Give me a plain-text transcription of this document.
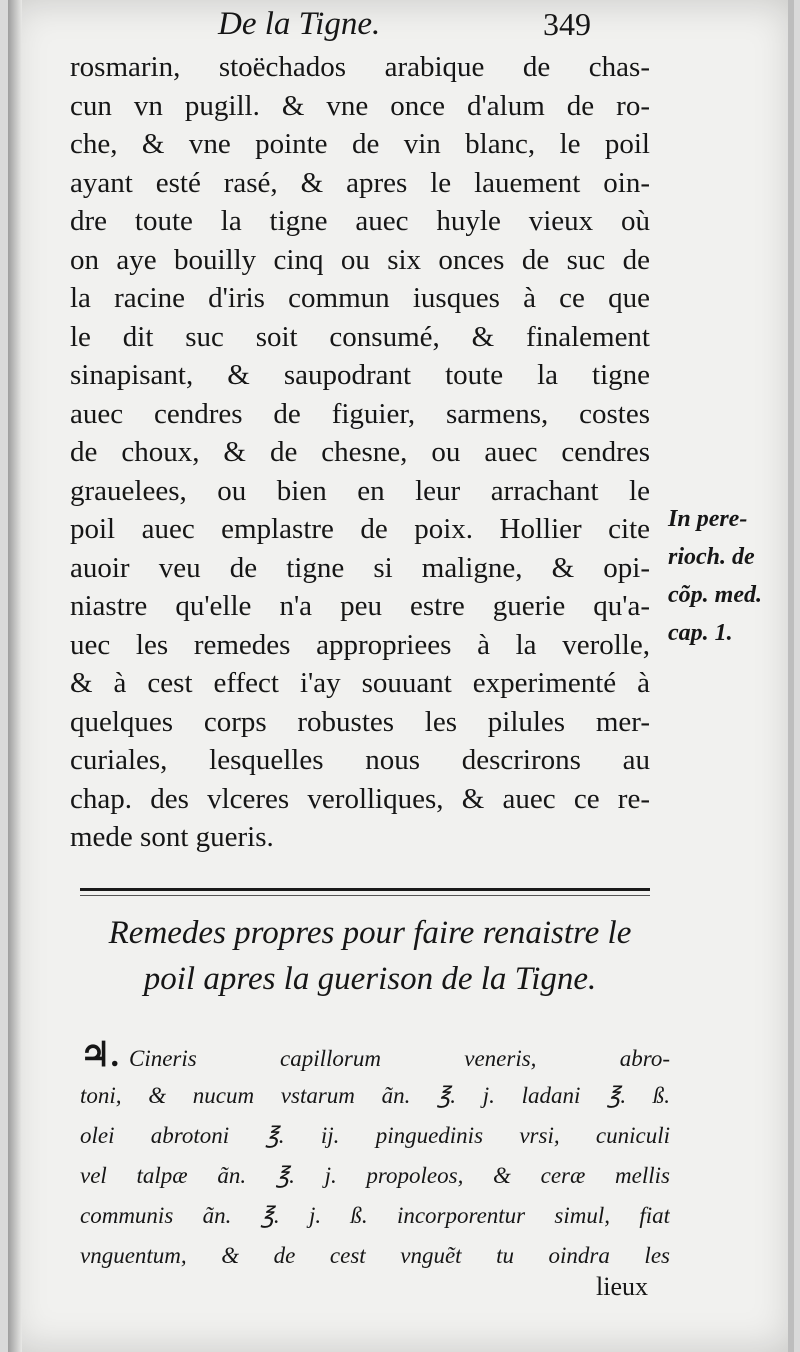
De la Tigne.	349
rosmarin, stoëchados arabique de chas-
cun vn pugill. & vne once d'alum de ro-
che, & vne pointe de vin blanc, le poil
ayant esté rasé, & apres le lauement oin-
dre toute la tigne auec huyle vieux où
on aye bouilly cinq ou six onces de suc de
la racine d'iris commun iusques à ce que
le dit suc soit consumé, & finalement
sinapisant, & saupodrant toute la tigne
auec cendres de figuier, sarmens, costes
de choux, & de chesne, ou auec cendres
grauelees, ou bien en leur arrachant le
poil auec emplastre de poix. Hollier cite
auoir veu de tigne si maligne, & opi-
niastre qu'elle n'a peu estre guerie qu'a-
uec les remedes appropriees à la verolle,
& à cest effect i'ay souuant experimenté à
quelques corps robustes les pilules mer-
curiales, lesquelles nous descrirons au
chap. des vlceres verolliques, & auec ce re-
mede sont gueris.
In pere-
rioch. de
cõp. med.
cap. 1.
Remedes propres pour faire renaistre le
poil apres la guerison de la Tigne.
♃. Cineris capillorum veneris, abro-
toni, & nucum vstarum ãn. ℥. j. ladani ℥. ß.
olei abrotoni ℥. ij. pinguedinis vrsi, cuniculi
vel talpæ ãn. ℥. j. propoleos, & ceræ mellis
communis ãn. ℥. j. ß. incorporentur simul, fiat
vnguentum, & de cest vnguẽt tu oindra les
lieux
